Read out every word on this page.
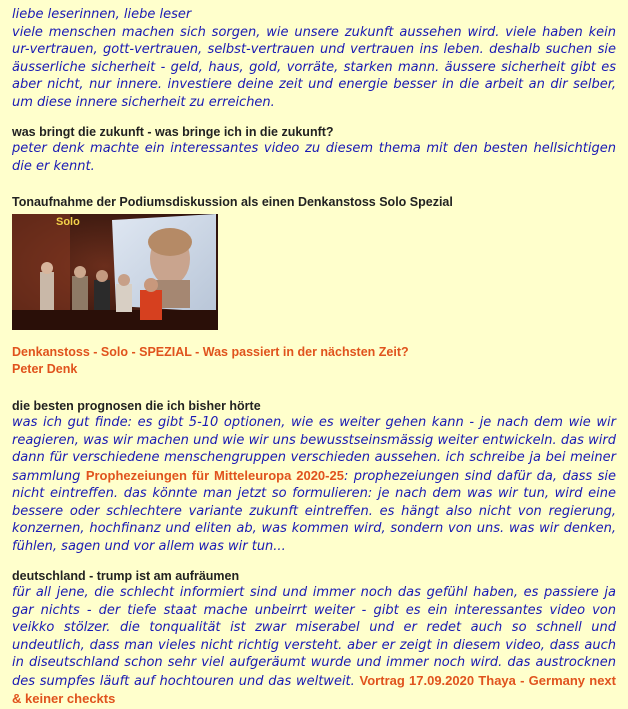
liebe leserinnen, liebe leser

viele menschen machen sich sorgen, wie unsere zukunft aussehen wird. viele haben kein ur-vertrauen, gott-vertrauen, selbst-vertrauen und vertrauen ins leben. deshalb suchen sie äusserliche sicherheit - geld, haus, gold, vorräte, starken mann. äussere sicherheit gibt es aber nicht, nur innere. investiere deine zeit und energie besser in die arbeit an dir selber, um diese innere sicherheit zu erreichen.

was bringt die zukunft - was bringe ich in die zukunft?

peter denk machte ein interessantes video zu diesem thema mit den besten hellsichtigen die er kennt.

Tonaufnahme der Podiumsdiskussion als einen Denkanstoss Solo Spezial

Solo

Denkanstoss - Solo - SPEZIAL - Was passiert in der nächsten Zeit?

Peter Denk

die besten prognosen die ich bisher hörte

was ich gut finde: es gibt 5-10 optionen, wie es weiter gehen kann - je nach dem wie wir reagieren, was wir machen und wie wir uns bewusstseinsmässig weiter entwickeln. das wird dann für verschiedene menschengruppen verschieden aussehen. ich schreibe ja bei meiner sammlung Prophezeiungen für Mitteleuropa 2020-25: prophezeiungen sind dafür da, dass sie nicht eintreffen. das könnte man jetzt so formulieren: je nach dem was wir tun, wird eine bessere oder schlechtere variante zukunft eintreffen. es hängt also nicht von regierung, konzernen, hochfinanz und eliten ab, was kommen wird, sondern von uns. was wir denken, fühlen, sagen und vor allem was wir tun...

deutschland - trump ist am aufräumen

für all jene, die schlecht informiert sind und immer noch das gefühl haben, es passiere ja gar nichts - der tiefe staat mache unbeirrt weiter - gibt es ein interessantes video von veikko stölzer. die tonqualität ist zwar miserabel und er redet auch so schnell und undeutlich, dass man vieles nicht richtig versteht. aber er zeigt in diesem video, dass auch in diseutschland schon sehr viel aufgeräumt wurde und immer noch wird. das austrocknen des sumpfes läuft auf hochtouren und das weltweit. Vortrag 17.09.2020 Thaya - Germany next & keiner checkts
